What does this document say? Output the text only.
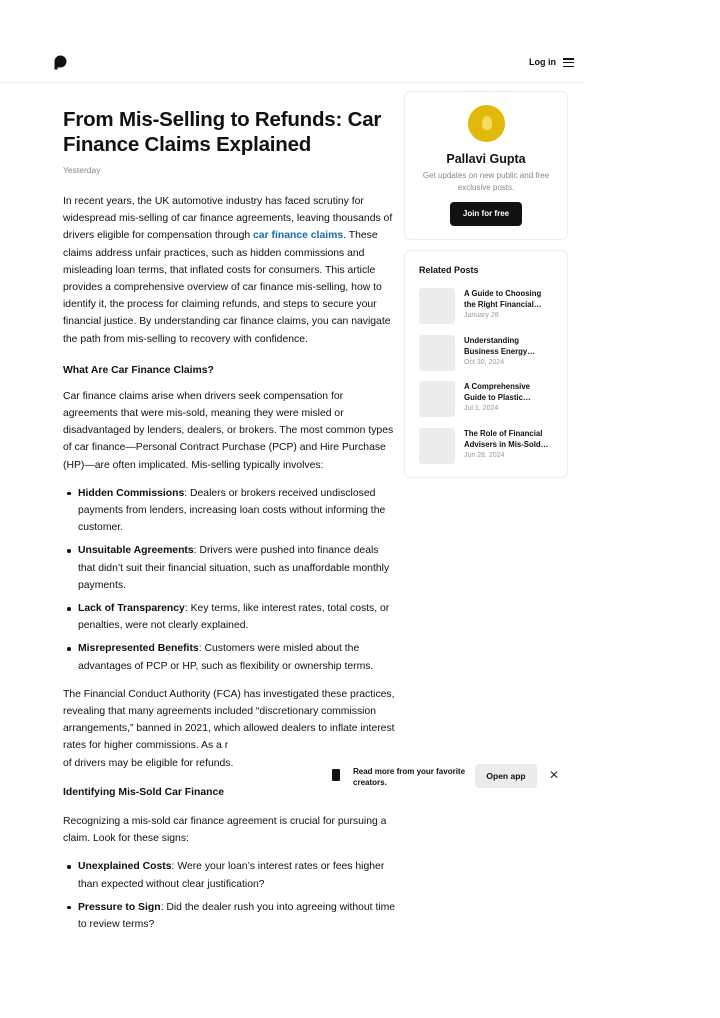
Log in
From Mis-Selling to Refunds: Car Finance Claims Explained
Yesterday

In recent years, the UK automotive industry has faced scrutiny for widespread mis-selling of car finance agreements, leaving thousands of drivers eligible for compensation through car finance claims. These claims address unfair practices, such as hidden commissions and misleading loan terms, that inflated costs for consumers. This article provides a comprehensive overview of car finance mis-selling, how to identify it, the process for claiming refunds, and steps to secure your financial justice. By understanding car finance claims, you can navigate the path from mis-selling to recovery with confidence.

What Are Car Finance Claims?

Car finance claims arise when drivers seek compensation for agreements that were mis-sold, meaning they were misled or disadvantaged by lenders, dealers, or brokers. The most common types of car finance—Personal Contract Purchase (PCP) and Hire Purchase (HP)—are often implicated. Mis-selling typically involves:

Hidden Commissions: Dealers or brokers received undisclosed payments from lenders, increasing loan costs without informing the customer.
Unsuitable Agreements: Drivers were pushed into finance deals that didn’t suit their financial situation, such as unaffordable monthly payments.
Lack of Transparency: Key terms, like interest rates, total costs, or penalties, were not clearly explained.
Misrepresented Benefits: Customers were misled about the advantages of PCP or HP, such as flexibility or ownership terms.

The Financial Conduct Authority (FCA) has investigated these practices, revealing that many agreements included “discretionary commission arrangements,” banned in 2021, which allowed dealers to inflate interest rates for higher commissions. As a r
of drivers may be eligible for refunds.

Identifying Mis-Sold Car Finance

Recognizing a mis-sold car finance agreement is crucial for pursuing a claim. Look for these signs:

Unexplained Costs: Were your loan’s interest rates or fees higher than expected without clear justification?
Pressure to Sign: Did the dealer rush you into agreeing without time to review terms?
Pallavi Gupta
Get updates on new public and free exclusive posts.
Join for free
Related Posts
A Guide to Choosing the Right Financial…
January 28
Understanding Business Energy…
Oct 30, 2024
A Comprehensive Guide to Plastic…
Jul 1, 2024
The Role of Financial Advisers in Mis-Sold…
Jun 28, 2024
Read more from your favorite creators.
Open app	✕
